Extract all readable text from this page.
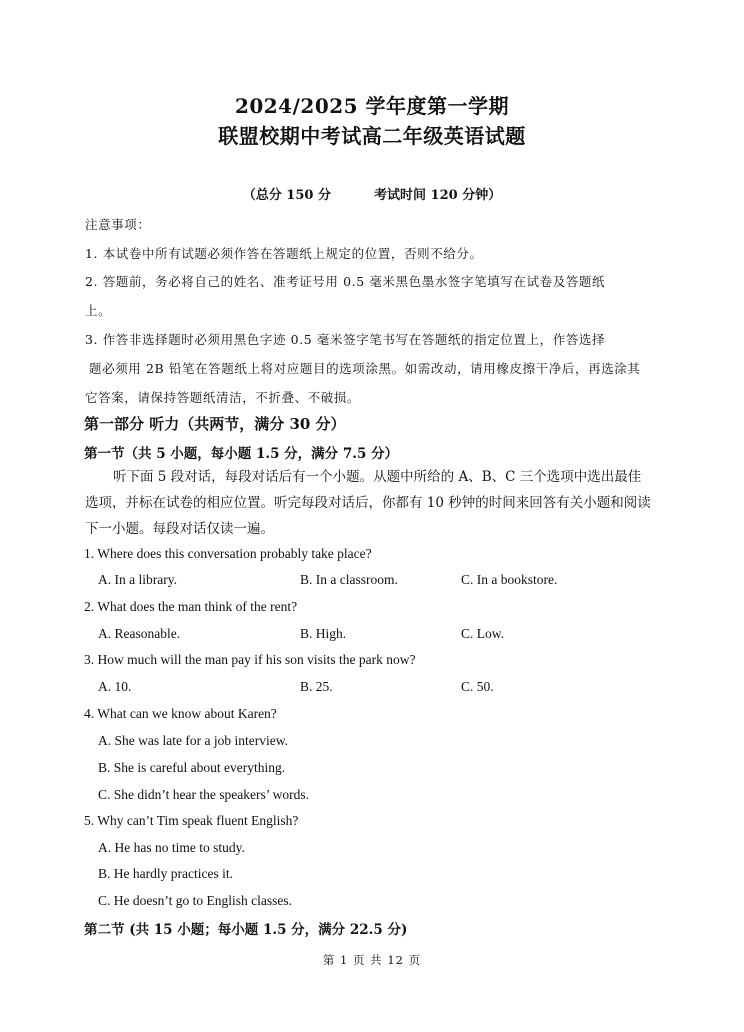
2024/2025 学年度第一学期
联盟校期中考试高二年级英语试题
（总分 150 分	考试时间 120 分钟）
注意事项：
1. 本试卷中所有试题必须作答在答题纸上规定的位置，否则不给分。
2. 答题前，务必将自己的姓名、准考证号用 0.5 毫米黑色墨水签字笔填写在试卷及答题纸
上。
3. 作答非选择题时必须用黑色字迹 0.5 毫米签字笔书写在答题纸的指定位置上，作答选择
题必须用 2B 铅笔在答题纸上将对应题目的选项涂黑。如需改动，请用橡皮擦干净后，再选涂其
它答案，请保持答题纸清洁，不折叠、不破损。
第一部分 听力（共两节，满分 30 分）
第一节（共 5 小题，每小题 1.5 分，满分 7.5 分）
听下面 5 段对话，每段对话后有一个小题。从题中所给的 A、B、C 三个选项中选出最佳
选项，并标在试卷的相应位置。听完每段对话后，你都有 10 秒钟的时间来回答有关小题和阅读
下一小题。每段对话仅读一遍。
1. Where does this conversation probably take place?
A. In a library.	B. In a classroom.	C. In a bookstore.
2. What does the man think of the rent?
A. Reasonable.	B. High.	C. Low.
3. How much will the man pay if his son visits the park now?
A. 10.	B. 25.	C. 50.
4. What can we know about Karen?
A. She was late for a job interview.
B. She is careful about everything.
C. She didn’t hear the speakers’ words.
5. Why can’t Tim speak fluent English?
A. He has no time to study.
B. He hardly practices it.
C. He doesn’t go to English classes.
第二节 (共 15 小题；每小题 1.5 分，满分 22.5 分)
第 1 页 共 12 页
